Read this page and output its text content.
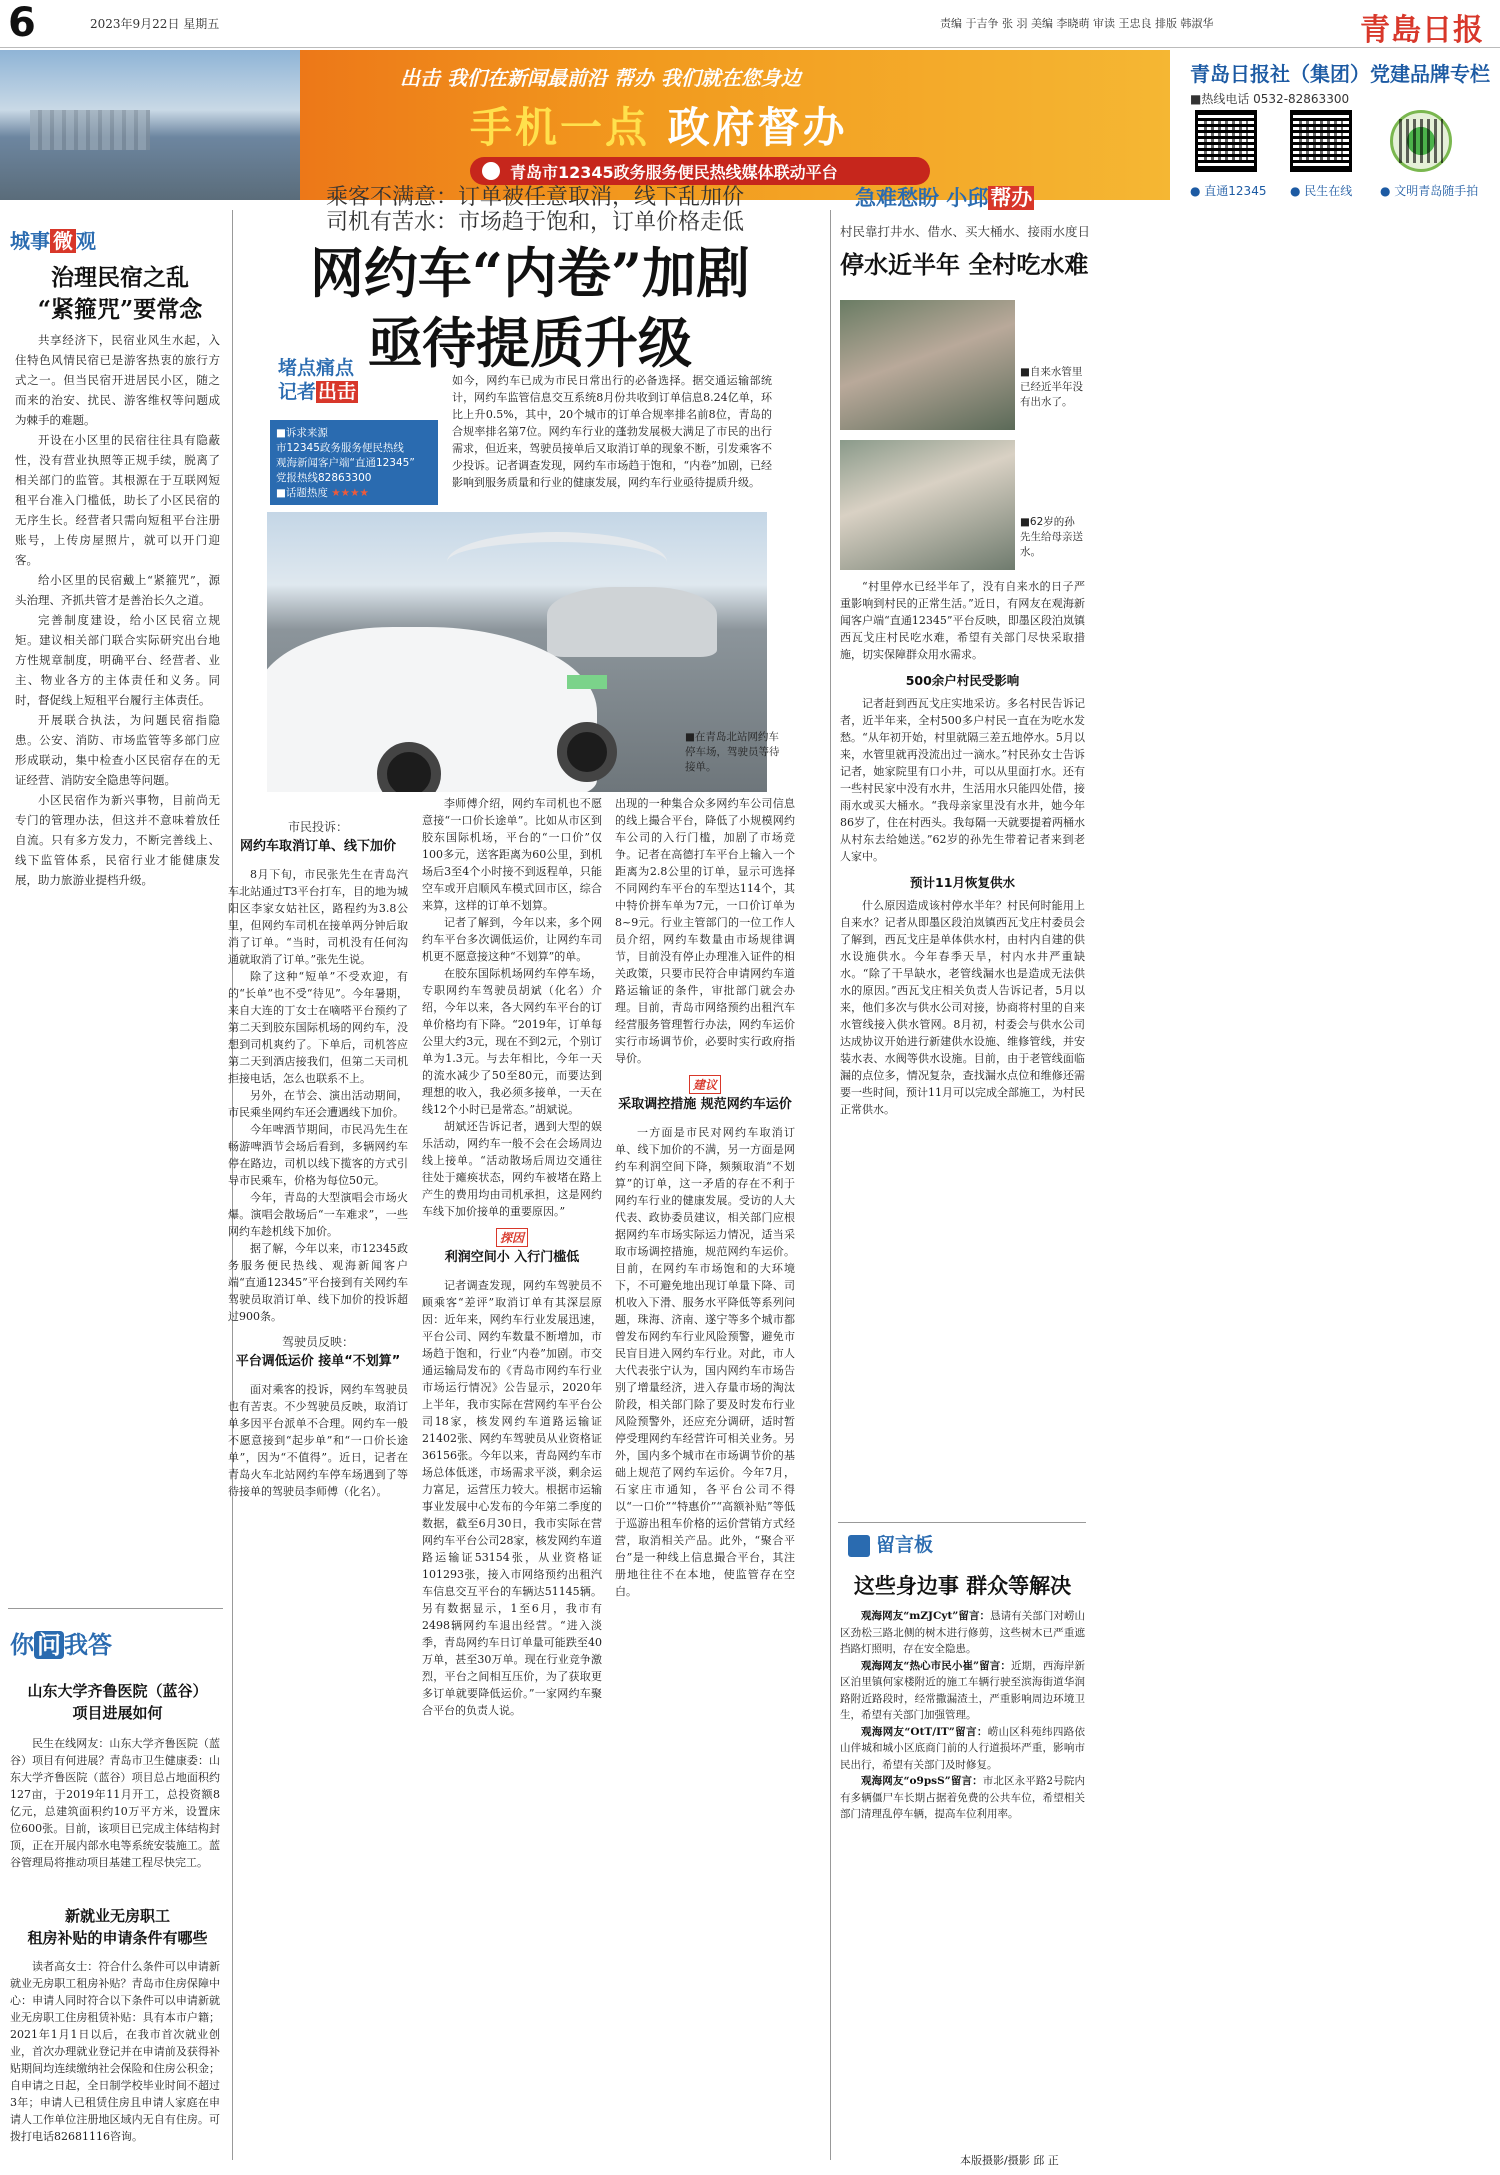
6	2023年9月22日 星期五	责编 于吉争 张 羽 美编 李晓萌 审读 王忠良 排版 韩淑华	青島日报
出击 我们在新闻最前沿 帮办 我们就在您身边
手机一点 政府督办
青岛市12345政务服务便民热线媒体联动平台
青岛日报社（集团）党建品牌专栏
■热线电话 0532-82863300
● 直通12345 ● 民生在线 ● 文明青岛随手拍
城事 微 观
治理民宿之乱
“紧箍咒”要常念

共享经济下，民宿业风生水起，入住特色风情民宿已是游客热衷的旅行方式之一。但当民宿开进居民小区，随之而来的治安、扰民、游客维权等问题成为棘手的难题。

开设在小区里的民宿往往具有隐蔽性，没有营业执照等正规手续，脱离了相关部门的监管。其根源在于互联网短租平台准入门槛低，助长了小区民宿的无序生长。经营者只需向短租平台注册账号，上传房屋照片，就可以开门迎客。

给小区里的民宿戴上“紧箍咒”，源头治理、齐抓共管才是善治长久之道。

完善制度建设，给小区民宿立规矩。建议相关部门联合实际研究出台地方性规章制度，明确平台、经营者、业主、物业各方的主体责任和义务。同时，督促线上短租平台履行主体责任。

开展联合执法，为问题民宿指隐患。公安、消防、市场监管等多部门应形成联动，集中检查小区民宿存在的无证经营、消防安全隐患等问题。

小区民宿作为新兴事物，目前尚无专门的管理办法，但这并不意味着放任自流。只有多方发力，不断完善线上、线下监管体系，民宿行业才能健康发展，助力旅游业提档升级。

你 问 我答
山东大学齐鲁医院（蓝谷）
项目进展如何

民生在线网友：山东大学齐鲁医院（蓝谷）项目有何进展？青岛市卫生健康委：山东大学齐鲁医院（蓝谷）项目总占地面积约127亩，于2019年11月开工，总投资额8亿元，总建筑面积约10万平方米，设置床位600张。目前，该项目已完成主体结构封顶，正在开展内部水电等系统安装施工。蓝谷管理局将推动项目基建工程尽快完工。

新就业无房职工
租房补贴的申请条件有哪些

读者高女士：符合什么条件可以申请新就业无房职工租房补贴？青岛市住房保障中心：申请人同时符合以下条件可以申请新就业无房职工住房租赁补贴：具有本市户籍；2021年1月1日以后，在我市首次就业创业，首次办理就业登记并在申请前及获得补贴期间均连续缴纳社会保险和住房公积金；自申请之日起，全日制学校毕业时间不超过3年；申请人已租赁住房且申请人家庭在申请人工作单位注册地区域内无自有住房。可拨打电话82681116咨询。

乘客不满意：订单被任意取消，线下乱加价
司机有苦水：市场趋于饱和，订单价格走低
网约车“内卷”加剧
亟待提质升级
堵点痛点
记者 出击
■诉求来源
市12345政务服务便民热线
观海新闻客户端“直通12345”
党报热线82863300
■话题热度 ★★★★
如今，网约车已成为市民日常出行的必备选择。据交通运输部统计，网约车监管信息交互系统8月份共收到订单信息8.24亿单，环比上升0.5%，其中，20个城市的订单合规率排名前8位，青岛的合规率排名第7位。网约车行业的蓬勃发展极大满足了市民的出行需求，但近来，驾驶员接单后又取消订单的现象不断，引发乘客不少投诉。记者调查发现，网约车市场趋于饱和，“内卷”加剧，已经影响到服务质量和行业的健康发展，网约车行业亟待提质升级。
■在青岛北站网约车停车场，驾驶员等待接单。
市民投诉：
网约车取消订单、线下加价

8月下旬，市民张先生在青岛汽车北站通过T3平台打车，目的地为城阳区李家女姑社区，路程约为3.8公里，但网约车司机在接单两分钟后取消了订单。“当时，司机没有任何沟通就取消了订单。”张先生说。

除了这种“短单”不受欢迎，有的“长单”也不受“待见”。今年暑期，来自大连的丁女士在嘀嗒平台预约了第二天到胶东国际机场的网约车，没想到司机爽约了。下单后，司机答应第二天到酒店接我们，但第二天司机拒接电话，怎么也联系不上。

另外，在节会、演出活动期间，市民乘坐网约车还会遭遇线下加价。

今年啤酒节期间，市民冯先生在畅游啤酒节会场后看到，多辆网约车停在路边，司机以线下揽客的方式引导市民乘车，价格为每位50元。

今年，青岛的大型演唱会市场火爆。演唱会散场后“一车难求”，一些网约车趁机线下加价。

据了解，今年以来，市12345政务服务便民热线、观海新闻客户端“直通12345”平台接到有关网约车驾驶员取消订单、线下加价的投诉超过900条。

驾驶员反映：
平台调低运价 接单“不划算”

面对乘客的投诉，网约车驾驶员也有苦衷。不少驾驶员反映，取消订单多因平台派单不合理。网约车一般不愿意接到“起步单”和“一口价长途单”，因为“不值得”。近日，记者在青岛火车北站网约车停车场遇到了等待接单的驾驶员李师傅（化名）。

李师傅介绍，网约车司机也不愿意接“一口价长途单”。比如从市区到胶东国际机场，平台的“一口价”仅100多元，送客距离为60公里，到机场后3至4个小时接不到返程单，只能空车或开启顺风车模式回市区，综合来算，这样的订单不划算。

记者了解到，今年以来，多个网约车平台多次调低运价，让网约车司机更不愿意接这种“不划算”的单。

在胶东国际机场网约车停车场，专职网约车驾驶员胡斌（化名）介绍，今年以来，各大网约车平台的订单价格均有下降。“2019年，订单每公里大约3元，现在不到2元，个别订单为1.3元。与去年相比，今年一天的流水减少了50至80元，而要达到理想的收入，我必须多接单，一天在线12个小时已是常态。”胡斌说。

胡斌还告诉记者，遇到大型的娱乐活动，网约车一般不会在会场周边线上接单。“活动散场后周边交通往往处于瘫痪状态，网约车被堵在路上产生的费用均由司机承担，这是网约车线下加价接单的重要原因。”

探因
利润空间小 入行门槛低

记者调查发现，网约车驾驶员不顾乘客“差评”取消订单有其深层原因：近年来，网约车行业发展迅速，平台公司、网约车数量不断增加，市场趋于饱和，行业“内卷”加剧。市交通运输局发布的《青岛市网约车行业市场运行情况》公告显示，2020年上半年，我市实际在营网约车平台公司18家，核发网约车道路运输证21402张、网约车驾驶员从业资格证36156张。今年以来，青岛网约车市场总体低迷，市场需求平淡，剩余运力富足，运营压力较大。根据市运输事业发展中心发布的今年第二季度的数据，截至6月30日，我市实际在营网约车平台公司28家，核发网约车道路运输证53154张，从业资格证101293张，接入市网络预约出租汽车信息交互平台的车辆达51145辆。另有数据显示，1至6月，我市有2498辆网约车退出经营。“进入淡季，青岛网约车日订单量可能跌至40万单，甚至30万单。现在行业竞争激烈，平台之间相互压价，为了获取更多订单就要降低运价。”一家网约车聚合平台的负责人说。

出现的一种集合众多网约车公司信息的线上撮合平台，降低了小规模网约车公司的入行门槛，加剧了市场竞争。记者在高德打车平台上输入一个距离为2.8公里的订单，显示可选择不同网约车平台的车型达114个，其中特价拼车单为7元，一口价订单为8~9元。行业主管部门的一位工作人员介绍，网约车数量由市场规律调节，目前没有停止办理准入证件的相关政策，只要市民符合申请网约车道路运输证的条件，审批部门就会办理。目前，青岛市网络预约出租汽车经营服务管理暂行办法，网约车运价实行市场调节价，必要时实行政府指导价。

建议
采取调控措施 规范网约车运价

一方面是市民对网约车取消订单、线下加价的不满，另一方面是网约车利润空间下降，频频取消“不划算”的订单，这一矛盾的存在不利于网约车行业的健康发展。受访的人大代表、政协委员建议，相关部门应根据网约车市场实际运力情况，适当采取市场调控措施，规范网约车运价。目前，在网约车市场饱和的大环境下，不可避免地出现订单量下降、司机收入下滑、服务水平降低等系列问题，珠海、济南、遂宁等多个城市都曾发布网约车行业风险预警，避免市民盲目进入网约车行业。对此，市人大代表张宁认为，国内网约车市场告别了增量经济，进入存量市场的淘汰阶段，相关部门除了要及时发布行业风险预警外，还应充分调研，适时暂停受理网约车经营许可相关业务。另外，国内多个城市在市场调节价的基础上规范了网约车运价。今年7月，石家庄市通知，各平台公司不得以“一口价”“特惠价”“高额补贴”等低于巡游出租车价格的运价营销方式经营，取消相关产品。此外，“聚合平台”是一种线上信息撮合平台，其注册地往往不在本地，使监管存在空白。

急难愁盼 小邱帮办
村民靠打井水、借水、买大桶水、接雨水度日
停水近半年 全村吃水难
■自来水管里已经近半年没有出水了。
■62岁的孙先生给母亲送水。

“村里停水已经半年了，没有自来水的日子严重影响到村民的正常生活。”近日，有网友在观海新闻客户端“直通12345”平台反映，即墨区段泊岚镇西瓦戈庄村民吃水难，希望有关部门尽快采取措施，切实保障群众用水需求。

500余户村民受影响

记者赶到西瓦戈庄实地采访。多名村民告诉记者，近半年来，全村500多户村民一直在为吃水发愁。“从年初开始，村里就隔三差五地停水。5月以来，水管里就再没流出过一滴水。”村民孙女士告诉记者，她家院里有口小井，可以从里面打水。还有一些村民家中没有水井，生活用水只能四处借，接雨水或买大桶水。“我母亲家里没有水井，她今年86岁了，住在村西头。我每隔一天就要提着两桶水从村东去给她送。”62岁的孙先生带着记者来到老人家中。

预计11月恢复供水

什么原因造成该村停水半年？村民何时能用上自来水？记者从即墨区段泊岚镇西瓦戈庄村委员会了解到，西瓦戈庄是单体供水村，由村内自建的供水设施供水。今年春季天旱，村内水井严重缺水。“除了干旱缺水，老管线漏水也是造成无法供水的原因。”西瓦戈庄相关负责人告诉记者，5月以来，他们多次与供水公司对接，协商将村里的自来水管线接入供水管网。8月初，村委会与供水公司达成协议开始进行新建供水设施、维修管线，并安装水表、水阀等供水设施。目前，由于老管线面临漏的点位多，情况复杂，查找漏水点位和维修还需要一些时间，预计11月可以完成全部施工，为村民正常供水。

留言板
这些身边事 群众等解决

观海网友“mZJCyt”留言：恳请有关部门对崂山区劲松三路北侧的树木进行修剪，这些树木已严重遮挡路灯照明，存在安全隐患。

观海网友“热心市民小崔”留言：近期，西海岸新区泊里镇何家楼附近的施工车辆行驶至滨海街道华润路附近路段时，经常撒漏渣土，严重影响周边环境卫生，希望有关部门加强管理。

观海网友“OtT/IT”留言：崂山区科苑纬四路依山伴城和城小区底商门前的人行道损坏严重，影响市民出行，希望有关部门及时修复。

观海网友“o9psS”留言：市北区永平路2号院内有多辆僵尸车长期占据着免费的公共车位，希望相关部门清理乱停车辆，提高车位利用率。

本版摄影/摄影 邱 正
